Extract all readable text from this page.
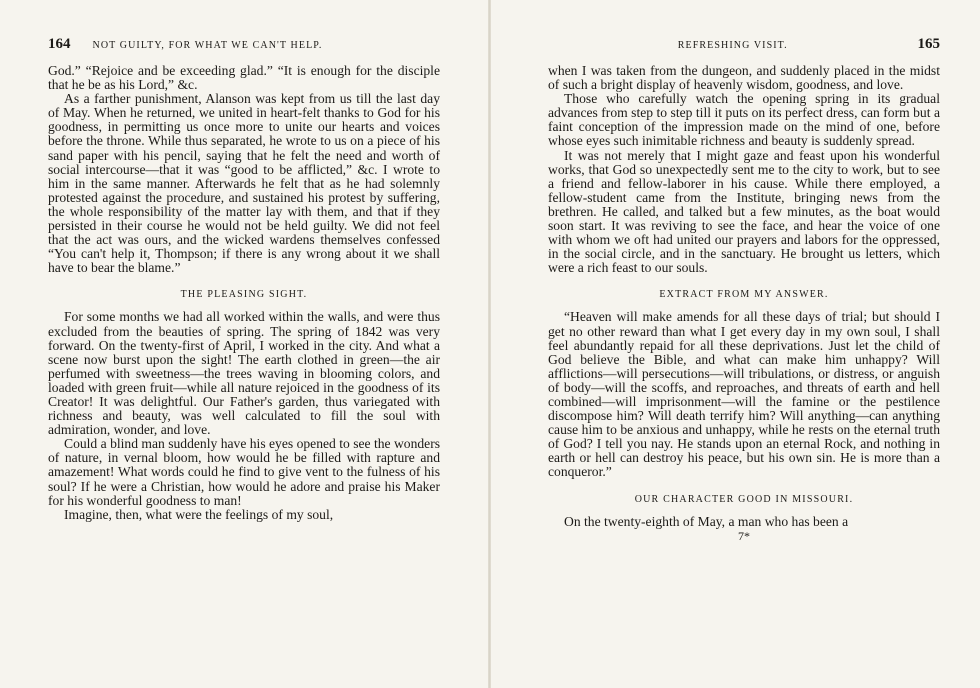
164 NOT GUILTY, FOR WHAT WE CAN'T HELP.

God.” “Rejoice and be exceeding glad.” “It is enough for the disciple that he be as his Lord,” &c.

As a farther punishment, Alanson was kept from us till the last day of May. When he returned, we united in heart-felt thanks to God for his goodness, in permitting us once more to unite our hearts and voices before the throne. While thus separated, he wrote to us on a piece of his sand paper with his pencil, saying that he felt the need and worth of social intercourse—that it was “good to be afflicted,” &c. I wrote to him in the same manner. Afterwards he felt that as he had solemnly protested against the procedure, and sustained his protest by suffering, the whole responsibility of the matter lay with them, and that if they persisted in their course he would not be held guilty. We did not feel that the act was ours, and the wicked wardens themselves confessed “You can't help it, Thompson; if there is any wrong about it we shall have to bear the blame.”

THE PLEASING SIGHT.

For some months we had all worked within the walls, and were thus excluded from the beauties of spring. The spring of 1842 was very forward. On the twenty-first of April, I worked in the city. And what a scene now burst upon the sight! The earth clothed in green—the air perfumed with sweetness—the trees waving in blooming colors, and loaded with green fruit—while all nature rejoiced in the goodness of its Creator! It was delightful. Our Father's garden, thus variegated with richness and beauty, was well calculated to fill the soul with admiration, wonder, and love.

Could a blind man suddenly have his eyes opened to see the wonders of nature, in vernal bloom, how would he be filled with rapture and amazement! What words could he find to give vent to the fulness of his soul? If he were a Christian, how would he adore and praise his Maker for his wonderful goodness to man!

Imagine, then, what were the feelings of my soul,

REFRESHING VISIT.	165

when I was taken from the dungeon, and suddenly placed in the midst of such a bright display of heavenly wisdom, goodness, and love.

Those who carefully watch the opening spring in its gradual advances from step to step till it puts on its perfect dress, can form but a faint conception of the impression made on the mind of one, before whose eyes such inimitable richness and beauty is suddenly spread.

It was not merely that I might gaze and feast upon his wonderful works, that God so unexpectedly sent me to the city to work, but to see a friend and fellow-laborer in his cause. While there employed, a fellow-student came from the Institute, bringing news from the brethren. He called, and talked but a few minutes, as the boat would soon start. It was reviving to see the face, and hear the voice of one with whom we oft had united our prayers and labors for the oppressed, in the social circle, and in the sanctuary. He brought us letters, which were a rich feast to our souls.

EXTRACT FROM MY ANSWER.

“Heaven will make amends for all these days of trial; but should I get no other reward than what I get every day in my own soul, I shall feel abundantly repaid for all these deprivations. Just let the child of God believe the Bible, and what can make him unhappy? Will afflictions—will persecutions—will tribulations, or distress, or anguish of body—will the scoffs, and reproaches, and threats of earth and hell combined—will imprisonment—will the famine or the pestilence discompose him? Will death terrify him? Will anything—can anything cause him to be anxious and unhappy, while he rests on the eternal truth of God? I tell you nay. He stands upon an eternal Rock, and nothing in earth or hell can destroy his peace, but his own sin. He is more than a conqueror.”

OUR CHARACTER GOOD IN MISSOURI.

On the twenty-eighth of May, a man who has been a

7*
